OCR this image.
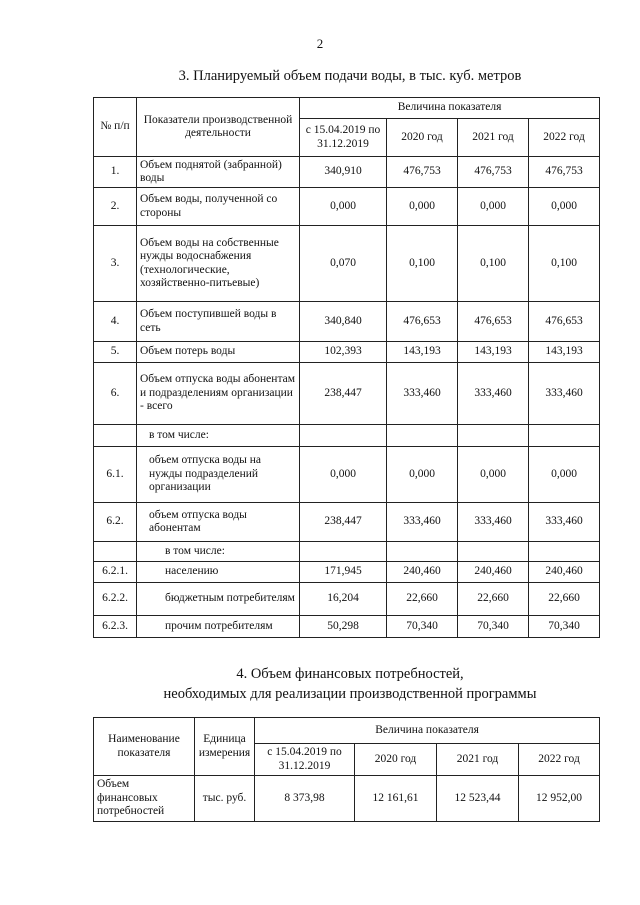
2
3. Планируемый объем подачи воды, в тыс. куб. метров
№ п/п	Показатели производственной деятельности	Величина показателя			
		с 15.04.2019 по 31.12.2019	2020 год	2021 год	2022 год
1.	Объем поднятой (забранной) воды	340,910	476,753	476,753	476,753
2.	Объем воды, полученной со стороны	0,000	0,000	0,000	0,000
3.	Объем воды на собственные нужды водоснабжения (технологические, хозяйственно-питьевые)	0,070	0,100	0,100	0,100
4.	Объем поступившей воды в сеть	340,840	476,653	476,653	476,653
5.	Объем потерь воды	102,393	143,193	143,193	143,193
6.	Объем отпуска воды абонентам и подразделениям организации - всего	238,447	333,460	333,460	333,460
	в том числе:				
6.1.	объем отпуска воды на нужды подразделений организации	0,000	0,000	0,000	0,000
6.2.	объем отпуска воды абонентам	238,447	333,460	333,460	333,460
	в том числе:				
6.2.1.	населению	171,945	240,460	240,460	240,460
6.2.2.	бюджетным потребителям	16,204	22,660	22,660	22,660
6.2.3.	прочим потребителям	50,298	70,340	70,340	70,340
4. Объем финансовых потребностей,
необходимых для реализации производственной программы
Наименование показателя	Единица измерения	Величина показателя			
		с 15.04.2019 по 31.12.2019	2020 год	2021 год	2022 год
Объем финансовых потребностей	тыс. руб.	8 373,98	12 161,61	12 523,44	12 952,00
